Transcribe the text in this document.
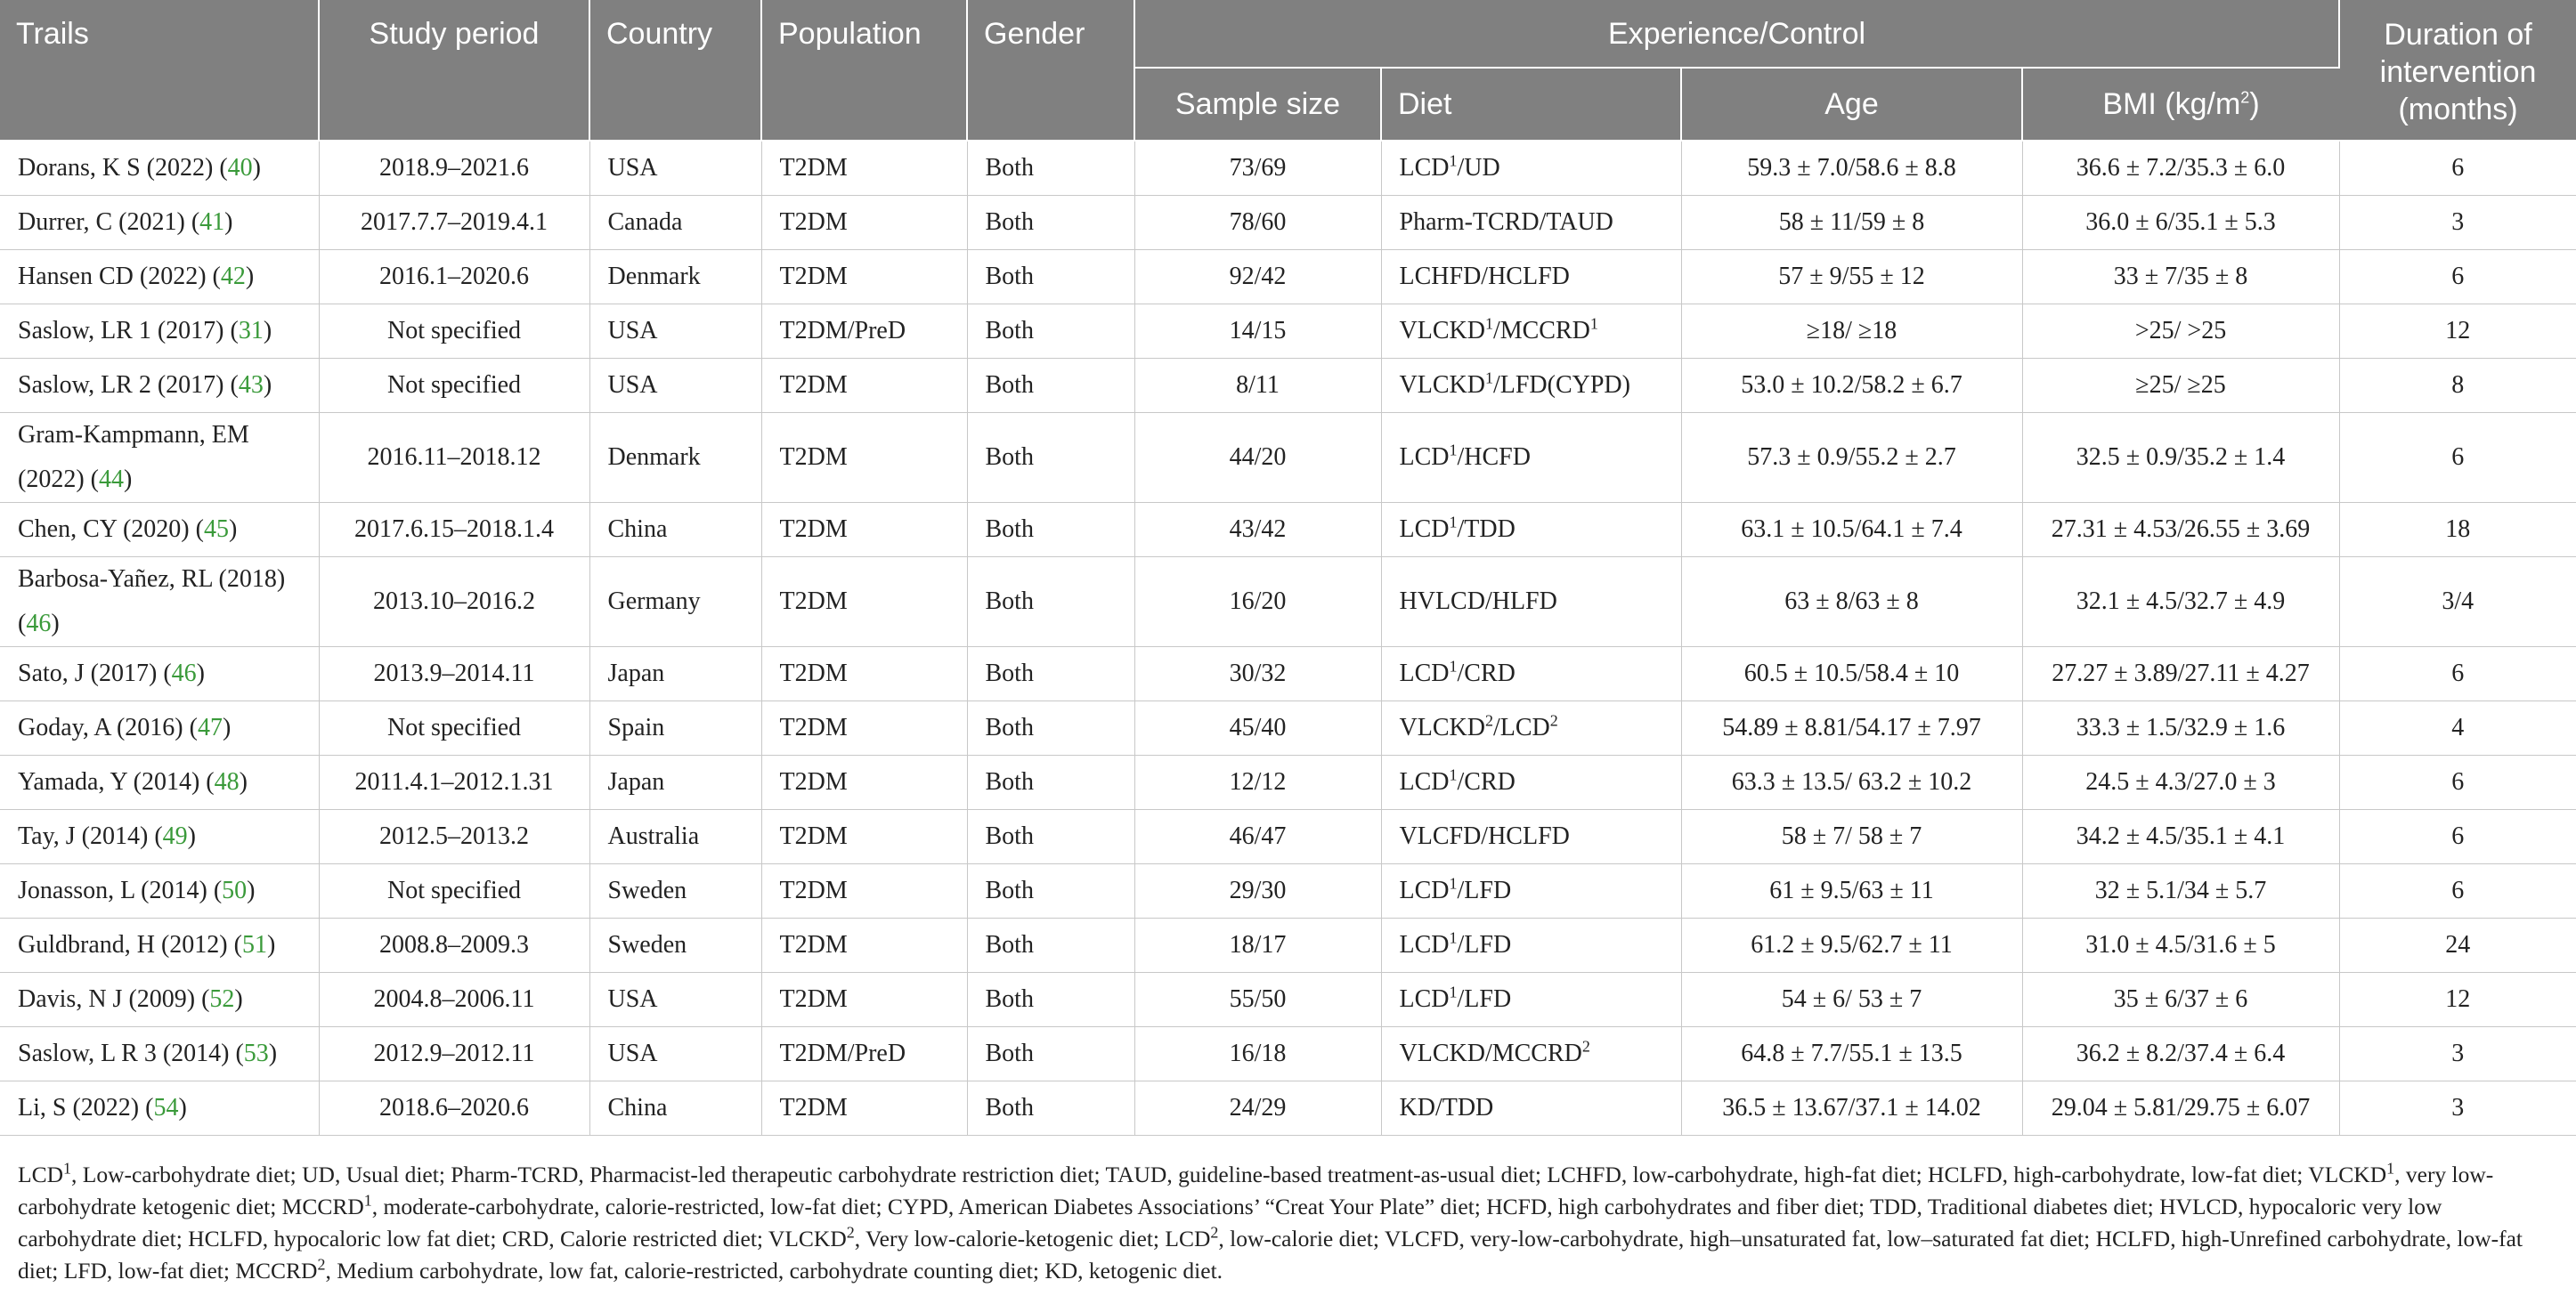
Trails	Study period	Country	Population	Gender	Experience/Control				Duration of
intervention
(months)
					Sample size	Diet	Age	BMI $(kg/m^2)$	
Dorans, K S (2022) (40)	2018.9–2021.6	USA	T2DM	Both	73/69	LCD$^1$/UD	59.3 ± 7.0/58.6 ± 8.8	36.6 ± 7.2/35.3 ± 6.0	6
Durrer, C (2021) (41)	2017.7.7–2019.4.1	Canada	T2DM	Both	78/60	Pharm-TCRD/TAUD	58 ± 11/59 ± 8	36.0 ± 6/35.1 ± 5.3	3
Hansen CD (2022) (42)	2016.1–2020.6	Denmark	T2DM	Both	92/42	LCHFD/HCLFD	57 ± 9/55 ± 12	33 ± 7/35 ± 8	6
Saslow, LR 1 (2017) (31)	Not specified	USA	T2DM/PreD	Both	14/15	$VLCKD^1/MCCRD^1$	≥18/ ≥18	>25/ >25	12
Saslow, LR 2 (2017) (43)	Not specified	USA	T2DM	Both	8/11	VLCKD$^1$/LFD(CYPD)	53.0 ± 10.2/58.2 ± 6.7	≥25/ ≥25	8
Gram-Kampmann, EM (2022) (44)	2016.11–2018.12	Denmark	T2DM	Both	44/20	LCD$^1$/HCFD	57.3 ± 0.9/55.2 ± 2.7	32.5 ± 0.9/35.2 ± 1.4	6
Chen, CY (2020) (45)	2017.6.15–2018.1.4	China	T2DM	Both	43/42	LCD$^1$/TDD	63.1 ± 10.5/64.1 ± 7.4	27.31 ± 4.53/26.55 ± 3.69	18
Barbosa-Yañez, RL (2018) (46)	2013.10–2016.2	Germany	T2DM	Both	16/20	HVLCD/HLFD	63 ± 8/63 ± 8	32.1 ± 4.5/32.7 ± 4.9	3/4
Sato, J (2017) (46)	2013.9–2014.11	Japan	T2DM	Both	30/32	LCD$^1$/CRD	60.5 ± 10.5/58.4 ± 10	27.27 ± 3.89/27.11 ± 4.27	6
Goday, A (2016) (47)	Not specified	Spain	T2DM	Both	45/40	VLCKD$^2$/LCD$^2$	54.89 ± 8.81/54.17 ± 7.97	33.3 ± 1.5/32.9 ± 1.6	4
Yamada, Y (2014) (48)	2011.4.1–2012.1.31	Japan	T2DM	Both	12/12	LCD$^1$/CRD	63.3 ± 13.5/ 63.2 ± 10.2	24.5 ± 4.3/27.0 ± 3	6
Tay, J (2014) (49)	2012.5–2013.2	Australia	T2DM	Both	46/47	VLCFD/HCLFD	58 ± 7/ 58 ± 7	34.2 ± 4.5/35.1 ± 4.1	6
Jonasson, L (2014) (50)	Not specified	Sweden	T2DM	Both	29/30	LCD$^1$/LFD	61 ± 9.5/63 ± 11	32 ± 5.1/34 ± 5.7	6
Guldbrand, H (2012) (51)	2008.8–2009.3	Sweden	T2DM	Both	18/17	LCD$^1$/LFD	61.2 ± 9.5/62.7 ± 11	31.0 ± 4.5/31.6 ± 5	24
Davis, N J (2009) (52)	2004.8–2006.11	USA	T2DM	Both	55/50	LCD$^1$/LFD	54 ± 6/ 53 ± 7	35 ± 6/37 ± 6	12
Saslow, L R 3 (2014) (53)	2012.9–2012.11	USA	T2DM/PreD	Both	16/18	VLCKD/MCCRD$^2$	64.8 ± 7.7/55.1 ± 13.5	36.2 ± 8.2/37.4 ± 6.4	3
Li, S (2022) (54)	2018.6–2020.6	China	T2DM	Both	24/29	KD/TDD	36.5 ± 13.67/37.1 ± 14.02	29.04 ± 5.81/29.75 ± 6.07	3
LCD$^1$, Low-carbohydrate diet; UD, Usual diet; Pharm-TCRD, Pharmacist-led therapeutic carbohydrate restriction diet; TAUD, guideline-based treatment-as-usual diet; LCHFD, low-carbohydrate, high-fat diet; HCLFD, high-carbohydrate, low-fat diet; VLCKD$^1$, very low-carbohydrate ketogenic diet; MCCRD$^1$, moderate-carbohydrate, calorie-restricted, low-fat diet; CYPD, American Diabetes Associations’ “Creat Your Plate” diet; HCFD, high carbohydrates and fiber diet; TDD, Traditional diabetes diet; HVLCD, hypocaloric very low carbohydrate diet; HCLFD, hypocaloric low fat diet; CRD, Calorie restricted diet; VLCKD$^2$, Very low-calorie-ketogenic diet; LCD$^2$, low-calorie diet; VLCFD, very-low-carbohydrate, high–unsaturated fat, low–saturated fat diet; HCLFD, high-Unrefined carbohydrate, low-fat diet; LFD, low-fat diet; MCCRD$^2$, Medium carbohydrate, low fat, calorie-restricted, carbohydrate counting diet; KD, ketogenic diet.
